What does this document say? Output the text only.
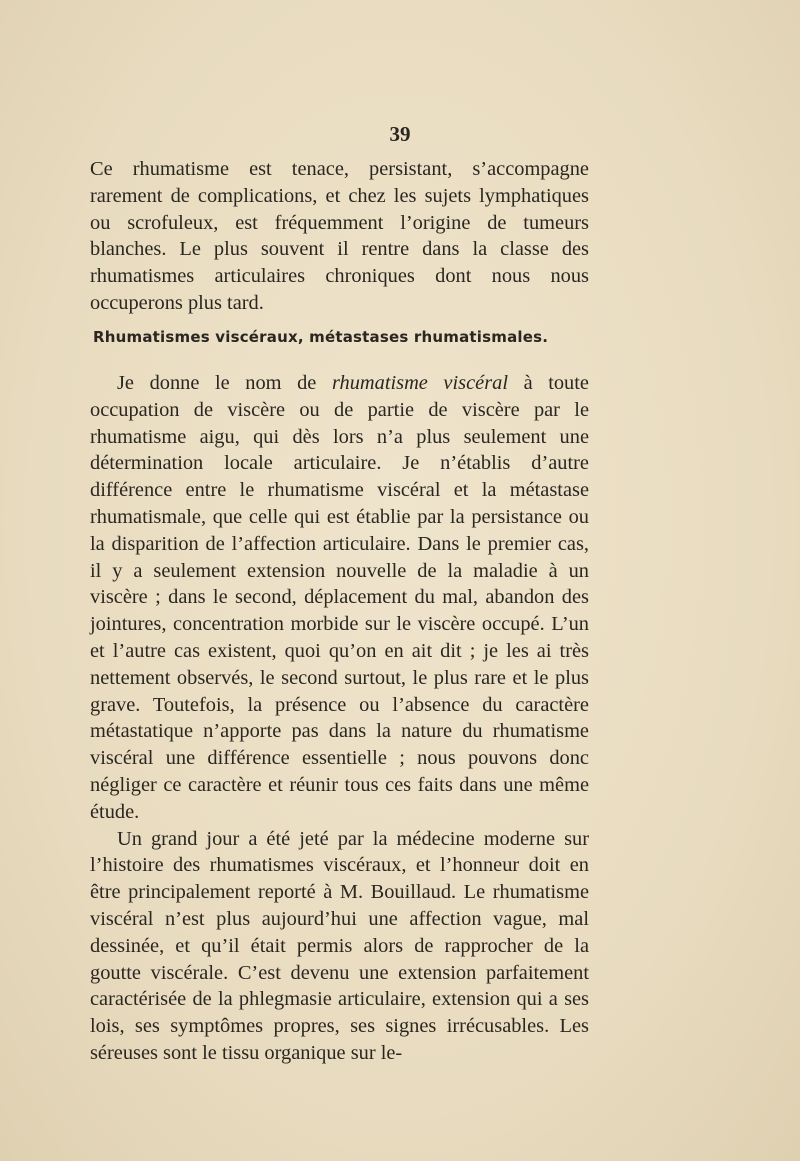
39

Ce rhumatisme est tenace, persistant, s’accompagne rarement de complications, et chez les sujets lymphatiques ou scrofuleux, est fréquemment l’origine de tumeurs blanches. Le plus souvent il rentre dans la classe des rhumatismes articulaires chroniques dont nous nous occuperons plus tard.

Rhumatismes viscéraux, métastases rhumatismales.

Je donne le nom de rhumatisme viscéral à toute occupation de viscère ou de partie de viscère par le rhumatisme aigu, qui dès lors n’a plus seulement une détermination locale articulaire. Je n’établis d’autre différence entre le rhumatisme viscéral et la métastase rhumatismale, que celle qui est établie par la persistance ou la disparition de l’affection articulaire. Dans le premier cas, il y a seulement extension nouvelle de la maladie à un viscère ; dans le second, déplacement du mal, abandon des jointures, concentration morbide sur le viscère occupé. L’un et l’autre cas existent, quoi qu’on en ait dit ; je les ai très nettement observés, le second surtout, le plus rare et le plus grave. Toutefois, la présence ou l’absence du caractère métastatique n’apporte pas dans la nature du rhumatisme viscéral une différence essentielle ; nous pouvons donc négliger ce caractère et réunir tous ces faits dans une même étude.

Un grand jour a été jeté par la médecine moderne sur l’histoire des rhumatismes viscéraux, et l’honneur doit en être principalement reporté à M. Bouillaud. Le rhumatisme viscéral n’est plus aujourd’hui une affection vague, mal dessinée, et qu’il était permis alors de rapprocher de la goutte viscérale. C’est devenu une extension parfaitement caractérisée de la phlegmasie articulaire, extension qui a ses lois, ses symptômes propres, ses signes irrécusables. Les séreuses sont le tissu organique sur le-
